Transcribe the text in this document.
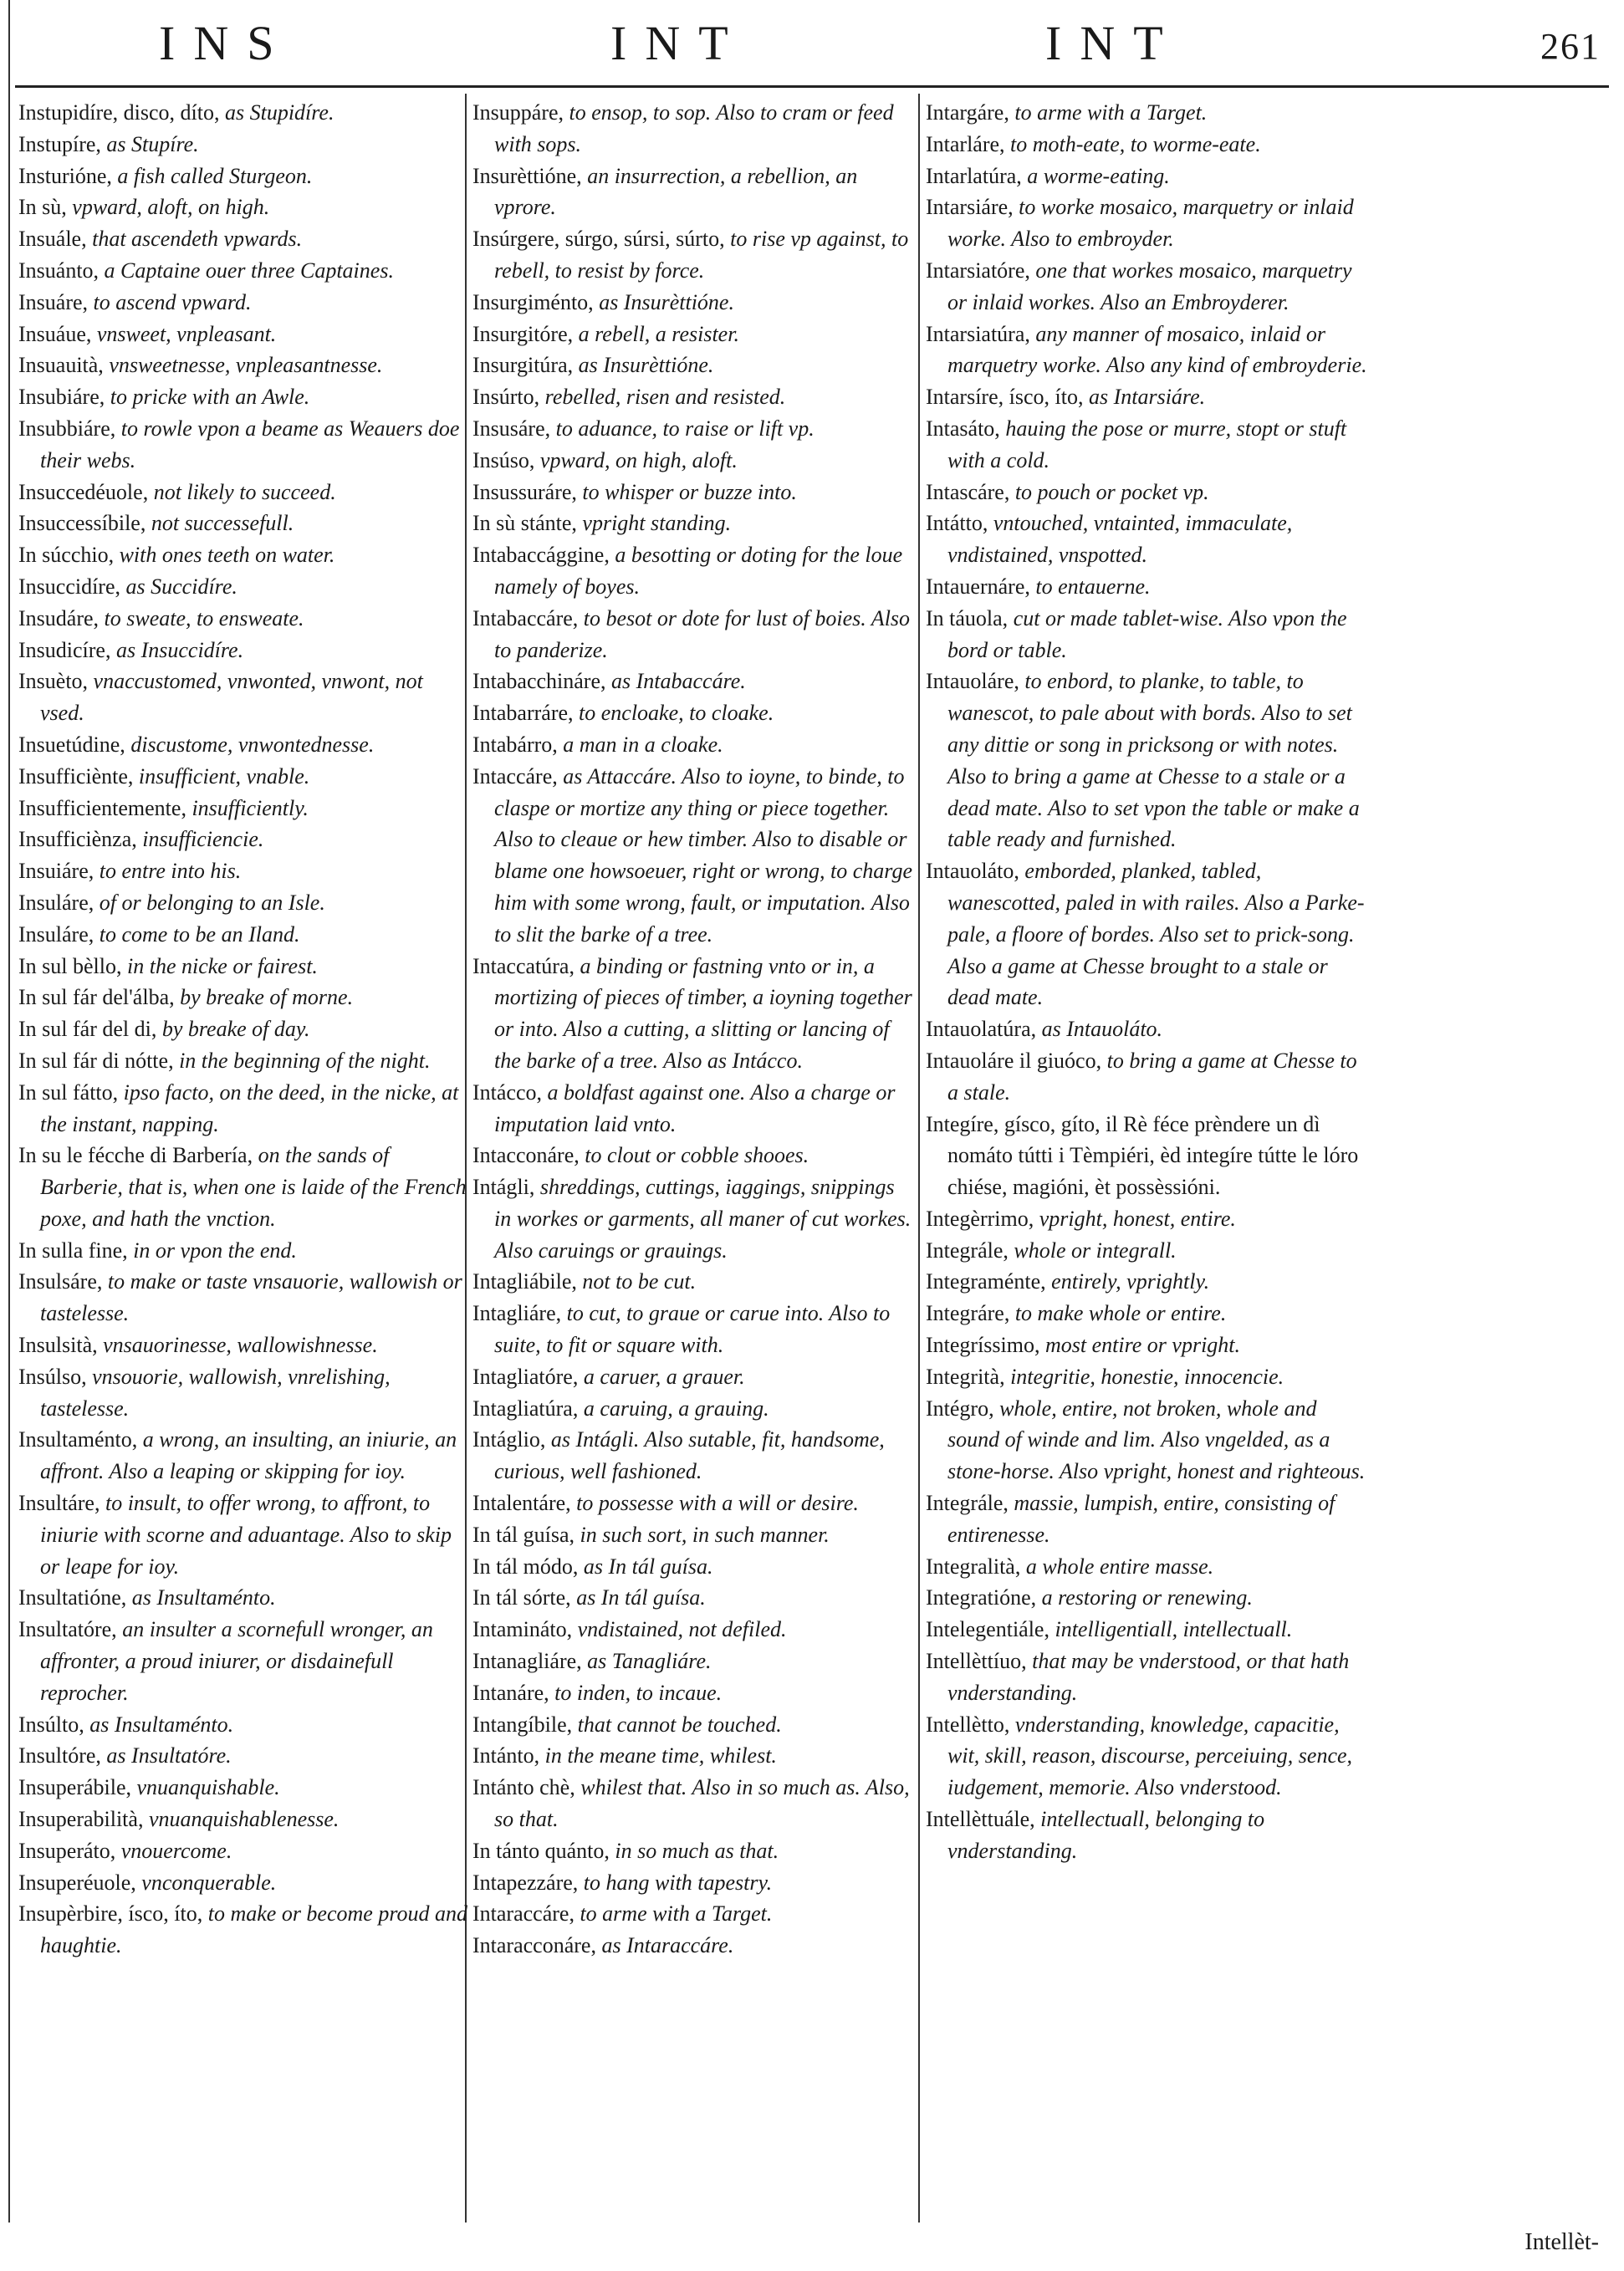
INS	INT	INT	261

Instupidíre, disco, díto, as Stupidíre.

Instupíre, as Stupíre.

Insturióne, a fish called Sturgeon.

In sù, vpward, aloft, on high.

Insuále, that ascendeth vpwards.

Insuánto, a Captaine ouer three Captaines.

Insuáre, to ascend vpward.

Insuáue, vnsweet, vnpleasant.

Insuauità, vnsweetnesse, vnpleasantnesse.

Insubiáre, to pricke with an Awle.

Insubbiáre, to rowle vpon a beame as Weauers doe their webs.

Insuccedéuole, not likely to succeed.

Insuccessíbile, not successefull.

In súcchio, with ones teeth on water.

Insuccidíre, as Succidíre.

Insudáre, to sweate, to ensweate.

Insudicíre, as Insuccidíre.

Insuèto, vnaccustomed, vnwonted, vnwont, not vsed.

Insuetúdine, discustome, vnwontednesse.

Insufficiènte, insufficient, vnable.

Insufficientemente, insufficiently.

Insufficiènza, insufficiencie.

Insuiáre, to entre into his.

Insuláre, of or belonging to an Isle.

Insuláre, to come to be an Iland.

In sul bèllo, in the nicke or fairest.

In sul fár del'álba, by breake of morne.

In sul fár del di, by breake of day.

In sul fár di nótte, in the beginning of the night.

In sul fátto, ipso facto, on the deed, in the nicke, at the instant, napping.

In su le fécche di Barbería, on the sands of Barberie, that is, when one is laide of the French poxe, and hath the vnction.

In sulla fine, in or vpon the end.

Insulsáre, to make or taste vnsauorie, wallowish or tastelesse.

Insulsità, vnsauorinesse, wallowishnesse.

Insúlso, vnsouorie, wallowish, vnrelishing, tastelesse.

Insultaménto, a wrong, an insulting, an iniurie, an affront. Also a leaping or skipping for ioy.

Insultáre, to insult, to offer wrong, to affront, to iniurie with scorne and aduantage. Also to skip or leape for ioy.

Insultatióne, as Insultaménto.

Insultatóre, an insulter a scornefull wronger, an affronter, a proud iniurer, or disdainefull reprocher.

Insúlto, as Insultaménto.

Insultóre, as Insultatóre.

Insuperábile, vnuanquishable.

Insuperabilità, vnuanquishablenesse.

Insuperáto, vnouercome.

Insuperéuole, vnconquerable.

Insupèrbire, ísco, íto, to make or become proud and haughtie.

Insuppáre, to ensop, to sop. Also to cram or feed with sops.

Insurèttióne, an insurrection, a rebellion, an vprore.

Insúrgere, súrgo, súrsi, súrto, to rise vp against, to rebell, to resist by force.

Insurgiménto, as Insurèttióne.

Insurgitóre, a rebell, a resister.

Insurgitúra, as Insurèttióne.

Insúrto, rebelled, risen and resisted.

Insusáre, to aduance, to raise or lift vp.

Insúso, vpward, on high, aloft.

Insussuráre, to whisper or buzze into.

In sù stánte, vpright standing.

Intabaccággine, a besotting or doting for the loue namely of boyes.

Intabaccáre, to besot or dote for lust of boies. Also to panderize.

Intabacchináre, as Intabaccáre.

Intabarráre, to encloake, to cloake.

Intabárro, a man in a cloake.

Intaccáre, as Attaccáre. Also to ioyne, to binde, to claspe or mortize any thing or piece together. Also to cleaue or hew timber. Also to disable or blame one howsoeuer, right or wrong, to charge him with some wrong, fault, or imputation. Also to slit the barke of a tree.

Intaccatúra, a binding or fastning vnto or in, a mortizing of pieces of timber, a ioyning together or into. Also a cutting, a slitting or lancing of the barke of a tree. Also as Intácco.

Intácco, a boldfast against one. Also a charge or imputation laid vnto.

Intacconáre, to clout or cobble shooes.

Intágli, shreddings, cuttings, iaggings, snippings in workes or garments, all maner of cut workes. Also caruings or grauings.

Intagliábile, not to be cut.

Intagliáre, to cut, to graue or carue into. Also to suite, to fit or square with.

Intagliatóre, a caruer, a grauer.

Intagliatúra, a caruing, a grauing.

Intáglio, as Intágli. Also sutable, fit, handsome, curious, well fashioned.

Intalentáre, to possesse with a will or desire.

In tál guísa, in such sort, in such manner.

In tál módo, as In tál guísa.

In tál sórte, as In tál guísa.

Intamináto, vndistained, not defiled.

Intanagliáre, as Tanagliáre.

Intanáre, to inden, to incaue.

Intangíbile, that cannot be touched.

Intánto, in the meane time, whilest.

Intánto chè, whilest that. Also in so much as. Also, so that.

In tánto quánto, in so much as that.

Intapezzáre, to hang with tapestry.

Intaraccáre, to arme with a Target.

Intaracconáre, as Intaraccáre.

Intargáre, to arme with a Target.

Intarláre, to moth-eate, to worme-eate.

Intarlatúra, a worme-eating.

Intarsiáre, to worke mosaico, marquetry or inlaid worke. Also to embroyder.

Intarsiatóre, one that workes mosaico, marquetry or inlaid workes. Also an Embroyderer.

Intarsiatúra, any manner of mosaico, inlaid or marquetry worke. Also any kind of embroyderie.

Intarsíre, ísco, íto, as Intarsiáre.

Intasáto, hauing the pose or murre, stopt or stuft with a cold.

Intascáre, to pouch or pocket vp.

Intátto, vntouched, vntainted, immaculate, vndistained, vnspotted.

Intauernáre, to entauerne.

In táuola, cut or made tablet-wise. Also vpon the bord or table.

Intauoláre, to enbord, to planke, to table, to wanescot, to pale about with bords. Also to set any dittie or song in pricksong or with notes. Also to bring a game at Chesse to a stale or a dead mate. Also to set vpon the table or make a table ready and furnished.

Intauoláto, emborded, planked, tabled, wanescotted, paled in with railes. Also a Parke-pale, a floore of bordes. Also set to prick-song. Also a game at Chesse brought to a stale or dead mate.

Intauolatúra, as Intauoláto.

Intauoláre il giuóco, to bring a game at Chesse to a stale.

Integíre, gísco, gíto, il Rè féce prèndere un dì nomáto tútti i Tèmpiéri, èd integíre tútte le lóro chiése, magióni, èt possèssióni.

Integèrrimo, vpright, honest, entire.

Integrále, whole or integrall.

Integraménte, entirely, vprightly.

Integráre, to make whole or entire.

Integríssimo, most entire or vpright.

Integrità, integritie, honestie, innocencie.

Intégro, whole, entire, not broken, whole and sound of winde and lim. Also vngelded, as a stone-horse. Also vpright, honest and righteous.

Integrále, massie, lumpish, entire, consisting of entirenesse.

Integralità, a whole entire masse.

Integratióne, a restoring or renewing.

Intelegentiále, intelligentiall, intellectuall.

Intellèttíuo, that may be vnderstood, or that hath vnderstanding.

Intellètto, vnderstanding, knowledge, capacitie, wit, skill, reason, discourse, perceiuing, sence, iudgement, memorie. Also vnderstood.

Intellèttuále, intellectuall, belonging to vnderstanding.

Intellèt-
